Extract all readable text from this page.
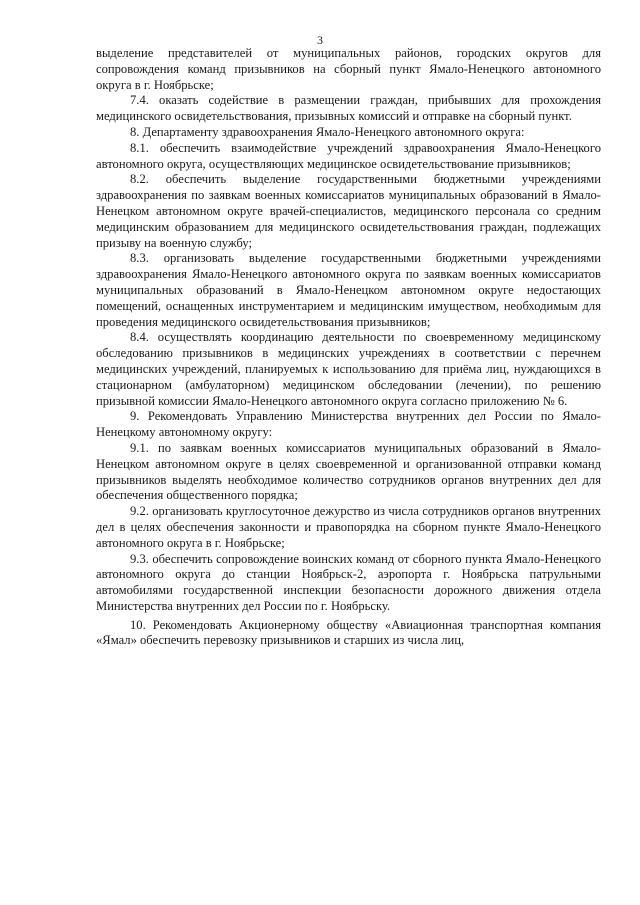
3

выделение представителей от муниципальных районов, городских округов для сопровождения команд призывников на сборный пункт Ямало-Ненецкого автономного округа в г. Ноябрьске;

7.4. оказать содействие в размещении граждан, прибывших для прохождения медицинского освидетельствования, призывных комиссий и отправке на сборный пункт.

8. Департаменту здравоохранения Ямало-Ненецкого автономного округа:

8.1. обеспечить взаимодействие учреждений здравоохранения Ямало-Ненецкого автономного округа, осуществляющих медицинское освидетельствование призывников;

8.2. обеспечить выделение государственными бюджетными учреждениями здравоохранения по заявкам военных комиссариатов муниципальных образований в Ямало-Ненецком автономном округе врачей-специалистов, медицинского персонала со средним медицинским образованием для медицинского освидетельствования граждан, подлежащих призыву на военную службу;

8.3. организовать выделение государственными бюджетными учреждениями здравоохранения Ямало-Ненецкого автономного округа по заявкам военных комиссариатов муниципальных образований в Ямало-Ненецком автономном округе недостающих помещений, оснащенных инструментарием и медицинским имуществом, необходимым для проведения медицинского освидетельствования призывников;

8.4. осуществлять координацию деятельности по своевременному медицинскому обследованию призывников в медицинских учреждениях в соответствии с перечнем медицинских учреждений, планируемых к использованию для приёма лиц, нуждающихся в стационарном (амбулаторном) медицинском обследовании (лечении), по решению призывной комиссии Ямало-Ненецкого автономного округа согласно приложению № 6.

9. Рекомендовать Управлению Министерства внутренних дел России по Ямало-Ненецкому автономному округу:

9.1. по заявкам военных комиссариатов муниципальных образований в Ямало-Ненецком автономном округе в целях своевременной и организованной отправки команд призывников выделять необходимое количество сотрудников органов внутренних дел для обеспечения общественного порядка;

9.2. организовать круглосуточное дежурство из числа сотрудников органов внутренних дел в целях обеспечения законности и правопорядка на сборном пункте Ямало-Ненецкого автономного округа в г. Ноябрьске;

9.3. обеспечить сопровождение воинских команд от сборного пункта Ямало-Ненецкого автономного округа до станции Ноябрьск-2, аэропорта г. Ноябрьска патрульными автомобилями государственной инспекции безопасности дорожного движения отдела Министерства внутренних дел России по г. Ноябрьску.

10. Рекомендовать Акционерному обществу «Авиационная транспортная компания «Ямал» обеспечить перевозку призывников и старших из числа лиц,
